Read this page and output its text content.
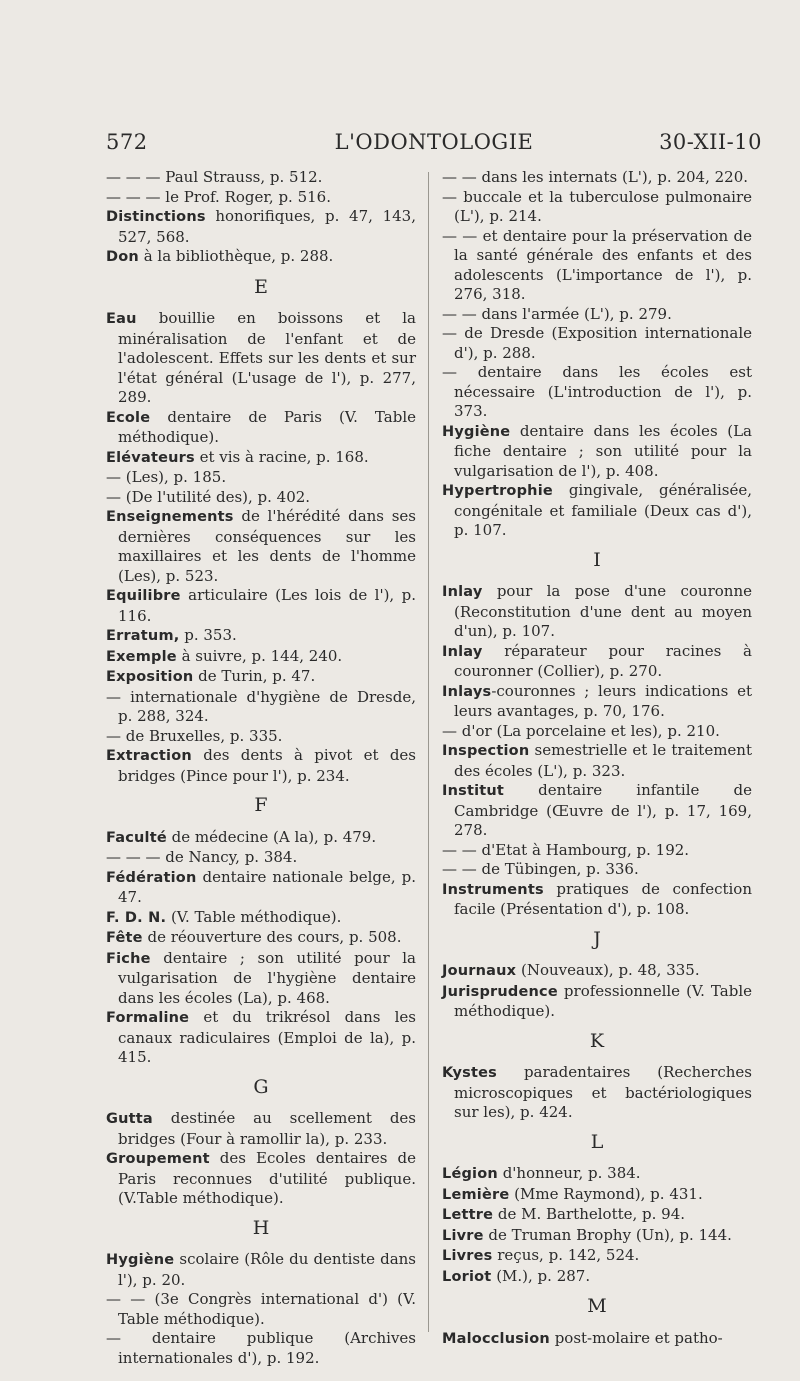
572	L'ODONTOLOGIE	30-XII-10

— — — Paul Strauss, p. 512.

— — — le Prof. Roger, p. 516.

Distinctions honorifiques, p. 47, 143, 527, 568.

Don à la bibliothèque, p. 288.

E

Eau bouillie en boissons et la minéralisation de l'enfant et de l'adolescent. Effets sur les dents et sur l'état général (L'usage de l'), p. 277, 289.

Ecole dentaire de Paris (V. Table méthodique).

Elévateurs et vis à racine, p. 168.

— (Les), p. 185.

— (De l'utilité des), p. 402.

Enseignements de l'hérédité dans ses dernières conséquences sur les maxillaires et les dents de l'homme (Les), p. 523.

Equilibre articulaire (Les lois de l'), p. 116.

Erratum, p. 353.

Exemple à suivre, p. 144, 240.

Exposition de Turin, p. 47.

— internationale d'hygiène de Dresde, p. 288, 324.

— de Bruxelles, p. 335.

Extraction des dents à pivot et des bridges (Pince pour l'), p. 234.

F

Faculté de médecine (A la), p. 479.

— — — de Nancy, p. 384.

Fédération dentaire nationale belge, p. 47.

F. D. N. (V. Table méthodique).

Fête de réouverture des cours, p. 508.

Fiche dentaire ; son utilité pour la vulgarisation de l'hygiène dentaire dans les écoles (La), p. 468.

Formaline et du trikrésol dans les canaux radiculaires (Emploi de la), p. 415.

G

Gutta destinée au scellement des bridges (Four à ramollir la), p. 233.

Groupement des Ecoles dentaires de Paris reconnues d'utilité publique. (V.Table méthodique).

H

Hygiène scolaire (Rôle du dentiste dans l'), p. 20.

— — (3e Congrès international d') (V. Table méthodique).

— dentaire publique (Archives internationales d'), p. 192.

— — dans les internats (L'), p. 204, 220.

— buccale et la tuberculose pulmonaire (L'), p. 214.

— — et dentaire pour la préservation de la santé générale des enfants et des adolescents (L'importance de l'), p. 276, 318.

— — dans l'armée (L'), p. 279.

— de Dresde (Exposition internationale d'), p. 288.

— dentaire dans les écoles est nécessaire (L'introduction de l'), p. 373.

Hygiène dentaire dans les écoles (La fiche dentaire ; son utilité pour la vulgarisation de l'), p. 408.

Hypertrophie gingivale, généralisée, congénitale et familiale (Deux cas d'), p. 107.

I

Inlay pour la pose d'une couronne (Reconstitution d'une dent au moyen d'un), p. 107.

Inlay réparateur pour racines à couronner (Collier), p. 270.

Inlays-couronnes ; leurs indications et leurs avantages, p. 70, 176.

— d'or (La porcelaine et les), p. 210.

Inspection semestrielle et le traitement des écoles (L'), p. 323.

Institut dentaire infantile de Cambridge (Œuvre de l'), p. 17, 169, 278.

— — d'Etat à Hambourg, p. 192.

— — de Tübingen, p. 336.

Instruments pratiques de confection facile (Présentation d'), p. 108.

J

Journaux (Nouveaux), p. 48, 335.

Jurisprudence professionnelle (V. Table méthodique).

K

Kystes paradentaires (Recherches microscopiques et bactériologiques sur les), p. 424.

L

Légion d'honneur, p. 384.

Lemière (Mme Raymond), p. 431.

Lettre de M. Barthelotte, p. 94.

Livre de Truman Brophy (Un), p. 144.

Livres reçus, p. 142, 524.

Loriot (M.), p. 287.

M

Malocclusion post-molaire et patho-
